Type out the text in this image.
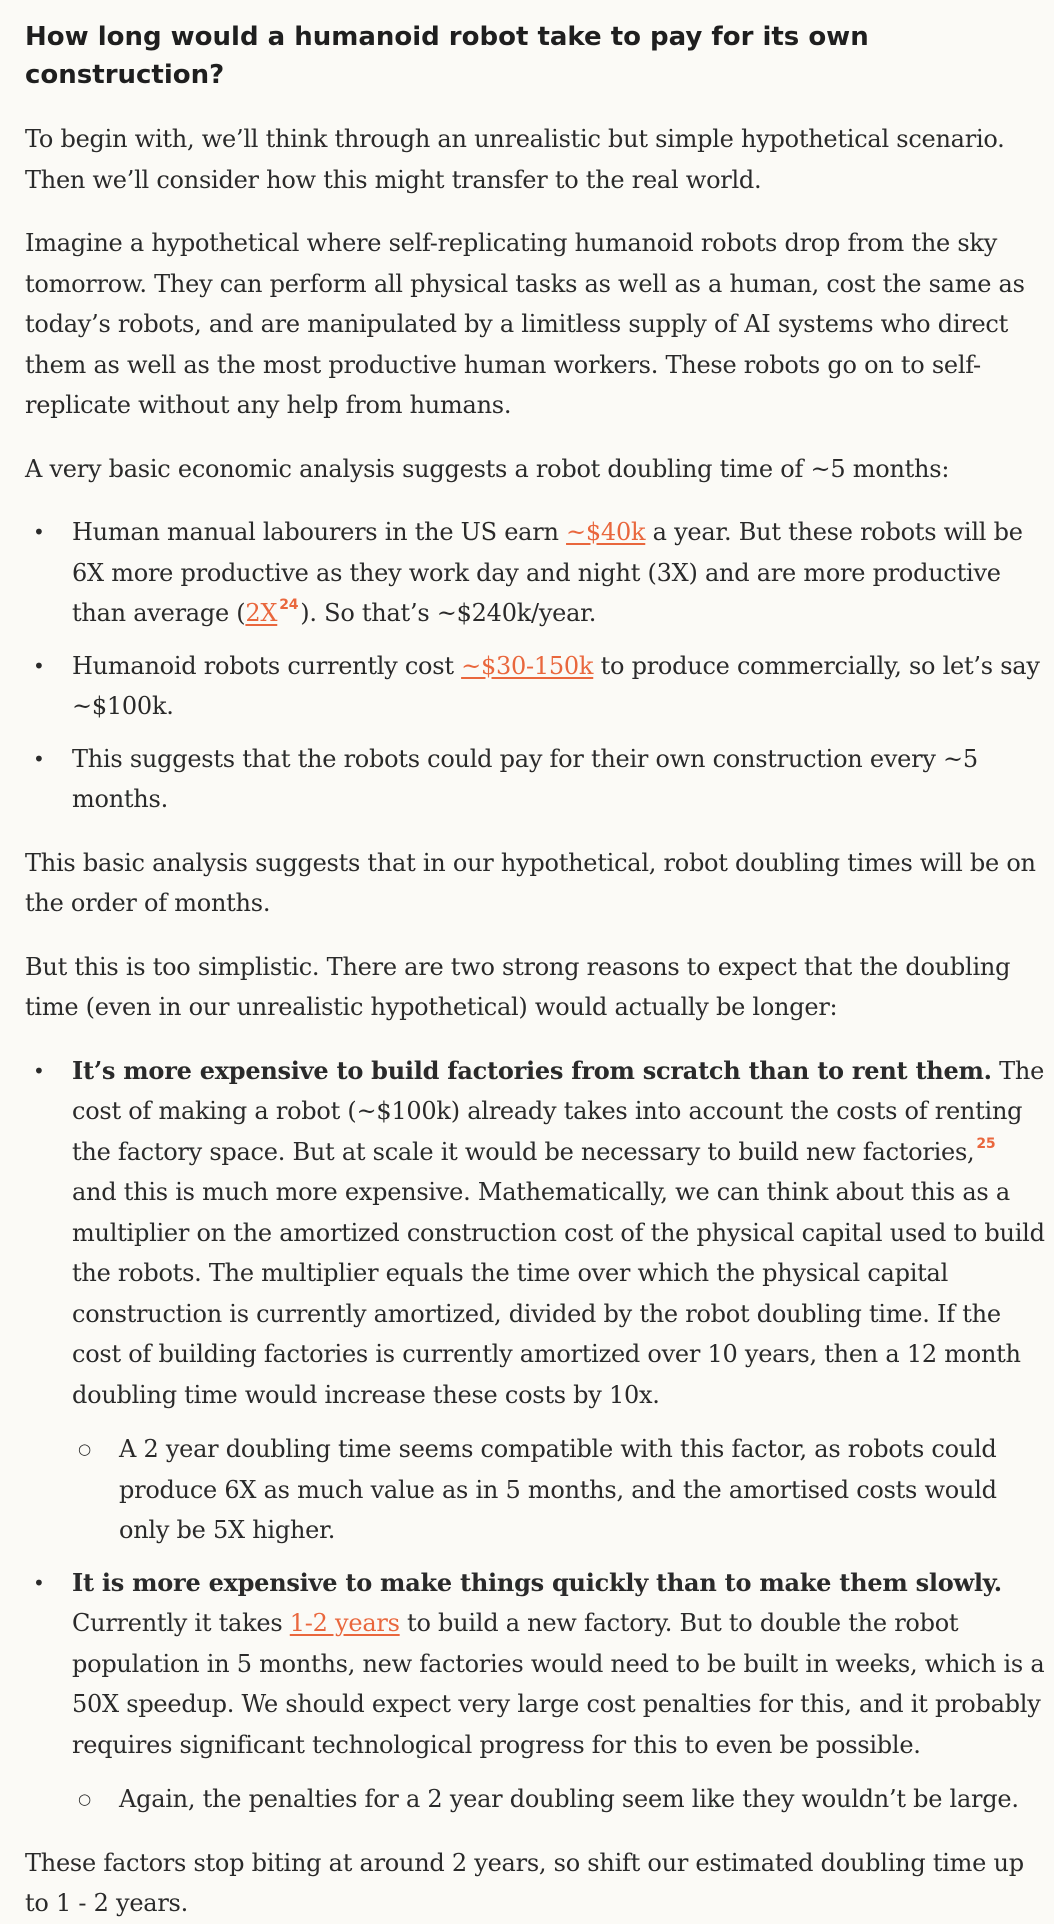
How long would a humanoid robot take to pay for its own construction?

To begin with, we’ll think through an unrealistic but simple hypothetical scenario. Then we’ll consider how this might transfer to the real world.

Imagine a hypothetical where self-replicating humanoid robots drop from the sky tomorrow. They can perform all physical tasks as well as a human, cost the same as today’s robots, and are manipulated by a limitless supply of AI systems who direct them as well as the most productive human workers. These robots go on to self-replicate without any help from humans.

A very basic economic analysis suggests a robot doubling time of ~5 months:

• Human manual labourers in the US earn ~$40k a year. But these robots will be 6X more productive as they work day and night (3X) and are more productive than average (2X $^{24}$). So that’s ~$240k/year.
• Humanoid robots currently cost ~$30-150k to produce commercially, so let’s say ~$100k.
• This suggests that the robots could pay for their own construction every ~5 months.

This basic analysis suggests that in our hypothetical, robot doubling times will be on the order of months.

But this is too simplistic. There are two strong reasons to expect that the doubling time (even in our unrealistic hypothetical) would actually be longer:

• It’s more expensive to build factories from scratch than to rent them. The cost of making a robot (~$100k) already takes into account the costs of renting the factory space. But at scale it would be necessary to build new factories, $^{25}$ and this is much more expensive. Mathematically, we can think about this as a multiplier on the amortized construction cost of the physical capital used to build the robots. The multiplier equals the time over which the physical capital construction is currently amortized, divided by the robot doubling time. If the cost of building factories is currently amortized over 10 years, then a 12 month doubling time would increase these costs by 10x.
○ A 2 year doubling time seems compatible with this factor, as robots could produce 6X as much value as in 5 months, and the amortised costs would only be 5X higher.
• It is more expensive to make things quickly than to make them slowly. Currently it takes 1-2 years to build a new factory. But to double the robot population in 5 months, new factories would need to be built in weeks, which is a 50X speedup. We should expect very large cost penalties for this, and it probably requires significant technological progress for this to even be possible.
○ Again, the penalties for a 2 year doubling seem like they wouldn’t be large.

These factors stop biting at around 2 years, so shift our estimated doubling time up to 1 - 2 years.
